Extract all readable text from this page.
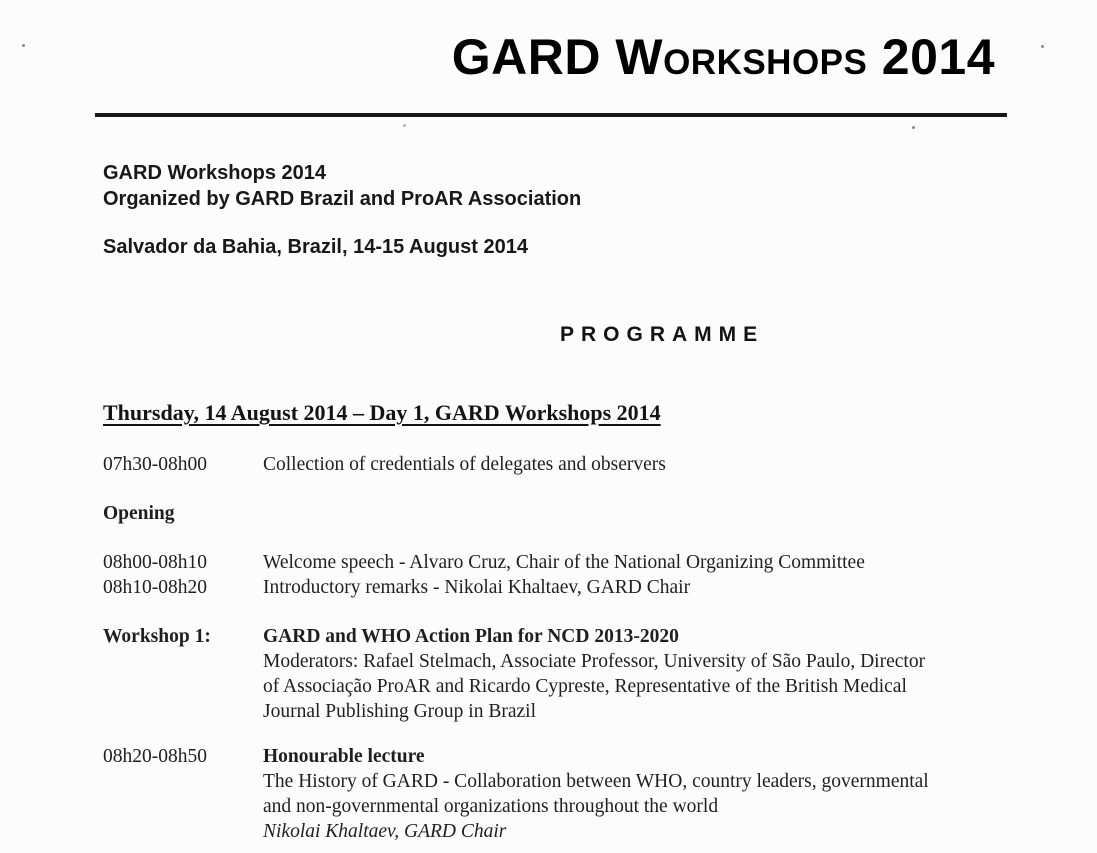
GARD Workshops 2014
GARD Workshops 2014
Organized by GARD Brazil and ProAR Association
Salvador da Bahia, Brazil, 14-15 August 2014
PROGRAMME
Thursday, 14 August 2014 – Day 1, GARD Workshops 2014
07h30-08h00	Collection of credentials of delegates and observers
Opening
08h00-08h10	Welcome speech - Alvaro Cruz, Chair of the National Organizing Committee
08h10-08h20	Introductory remarks - Nikolai Khaltaev, GARD Chair
Workshop 1:	GARD and WHO Action Plan for NCD 2013-2020
Moderators: Rafael Stelmach, Associate Professor, University of São Paulo, Director
of Associação ProAR and Ricardo Cypreste, Representative of the British Medical
Journal Publishing Group in Brazil
08h20-08h50	Honourable lecture
The History of GARD - Collaboration between WHO, country leaders, governmental
and non-governmental organizations throughout the world
Nikolai Khaltaev, GARD Chair
